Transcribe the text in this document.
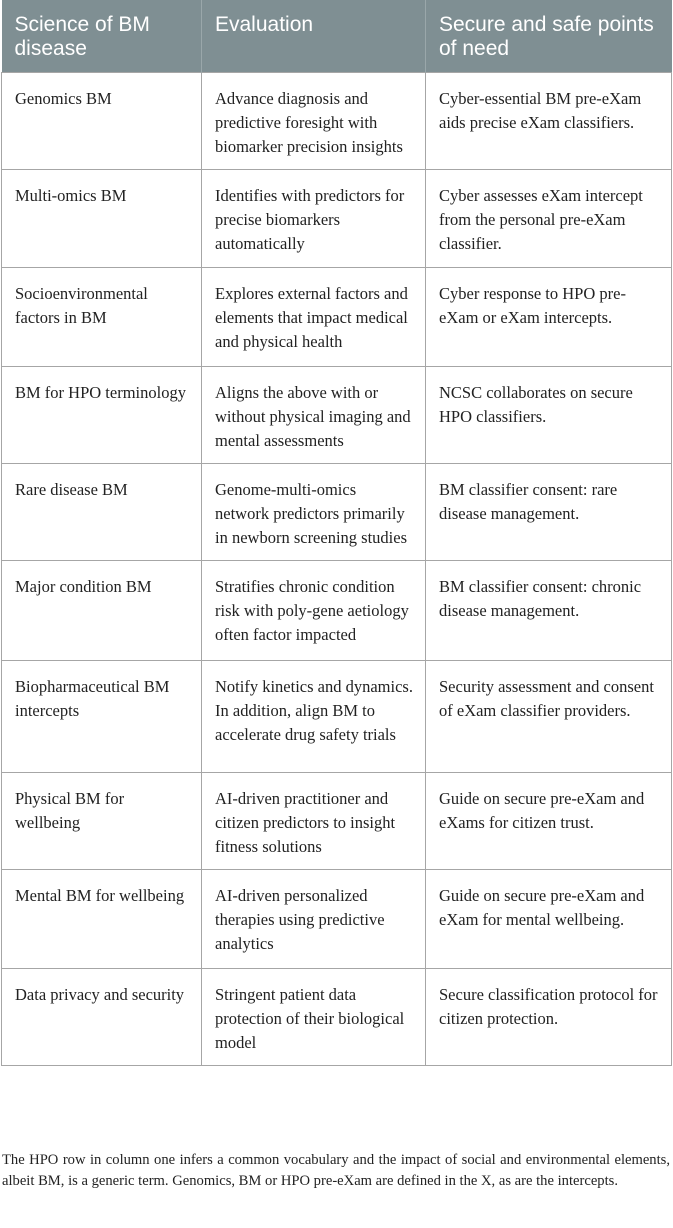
Science of BM disease	Evaluation	Secure and safe points of need
Genomics BM	Advance diagnosis and predictive foresight with biomarker precision insights	Cyber-essential BM pre-eXam aids precise eXam classifiers.
Multi-omics BM	Identifies with predictors for precise biomarkers automatically	Cyber assesses eXam intercept from the personal pre-eXam classifier.
Socioenvironmental factors in BM	Explores external factors and elements that impact medical and physical health	Cyber response to HPO pre-eXam or eXam intercepts.
BM for HPO terminology	Aligns the above with or without physical imaging and mental assessments	NCSC collaborates on secure HPO classifiers.
Rare disease BM	Genome-multi-omics network predictors primarily in newborn screening studies	BM classifier consent: rare disease management.
Major condition BM	Stratifies chronic condition risk with poly-gene aetiology often factor impacted	BM classifier consent: chronic disease management.
Biopharmaceutical BM intercepts	Notify kinetics and dynamics. In addition, align BM to accelerate drug safety trials	Security assessment and consent of eXam classifier providers.
Physical BM for wellbeing	AI-driven practitioner and citizen predictors to insight fitness solutions	Guide on secure pre-eXam and eXams for citizen trust.
Mental BM for wellbeing	AI-driven personalized therapies using predictive analytics	Guide on secure pre-eXam and eXam for mental wellbeing.
Data privacy and security	Stringent patient data protection of their biological model	Secure classification protocol for citizen protection.
The HPO row in column one infers a common vocabulary and the impact of social and environmental elements, albeit BM, is a generic term. Genomics, BM or HPO pre-eXam are defined in the X, as are the intercepts.
